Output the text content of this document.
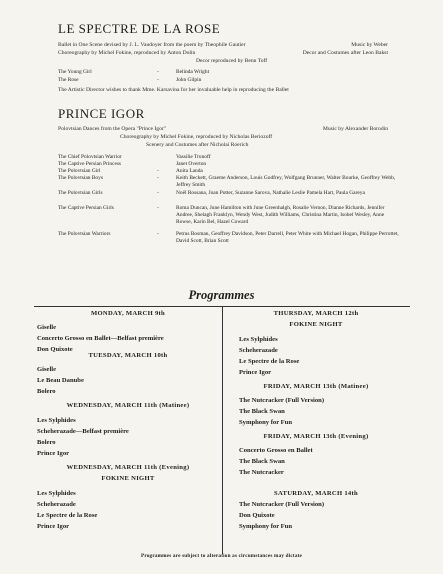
LE SPECTRE DE LA ROSE
Ballet in One Scene devised by J. L. Vaudoyer from the poem by Theophile Gautier	Music by Weber
Choreography by Michel Fokine, reproduced by Anton Dolin	Decor and Costumes after Leon Bakst
Decor reproduced by Benn Toff
The Young Girl	-	Belinda Wright
The Rose	-	John Gilpin
The Artistic Director wishes to thank Mme. Karsavina for her invaluable help in reproducing the Ballet
PRINCE IGOR
Polovtsian Dances from the Opera "Prince Igor"	Music by Alexander Borodin
Choreography by Michel Fokine, reproduced by Nicholas Beriozoff
Scenery and Costumes after Nicholai Roerich
The Chief Polovtsian Warrior	Vassilie Trunoff
The Captive Persian Princess	Janet Overton
The Polovtsian Girl	-	Anita Landa
The Polovtsian Boys	-	Keith Beckett, Graeme Anderson, Louis Godfrey, Wolfgang Brunner, Walter Bourke, Geoffrey Webb, Jeffrey Smith
The Polovtsian Girls	-	Noël Rossana, Joan Potter, Suzanne Sarova, Nathalie Leslie Pamela Hart, Paula Gareya
The Captive Persian Girls	-	Roma Duncan, June Hamilton with June Greenhalgh, Rosalie Vernon, Dianne Richards, Jennifer Andree, Shelagh Franklyn, Wendy West, Judith Williams, Christina Martin, Isobel Wesley, Anne Rowse, Karin Bel, Hazel Coward
The Polovtsian Warriors	-	Petrus Bosman, Geoffrey Davidson, Peter Darrell, Peter White with Michael Hogan, Philippe Perrottet, David Scott, Brian Scott
Programmes
MONDAY, MARCH 9th
Giselle
Concerto Grosso en Ballet—Belfast première
Don Quixote
TUESDAY, MARCH 10th
Giselle
Le Beau Danube
Bolero
WEDNESDAY, MARCH 11th (Matinee)
Les Sylphides
Scheherazade—Belfast première
Bolero
Prince Igor
WEDNESDAY, MARCH 11th (Evening)
FOKINE NIGHT
Les Sylphides
Scheherazade
Le Spectre de la Rose
Prince Igor
THURSDAY, MARCH 12th
FOKINE NIGHT
Les Sylphides
Scheherazade
Le Spectre de la Rose
Prince Igor
FRIDAY, MARCH 13th (Matinee)
The Nutcracker (Full Version)
The Black Swan
Symphony for Fun
FRIDAY, MARCH 13th (Evening)
Concerto Grosso en Ballet
The Black Swan
The Nutcracker
SATURDAY, MARCH 14th
The Nutcracker (Full Version)
Don Quixote
Symphony for Fun
Programmes are subject to alteration as circumstances may dictate
